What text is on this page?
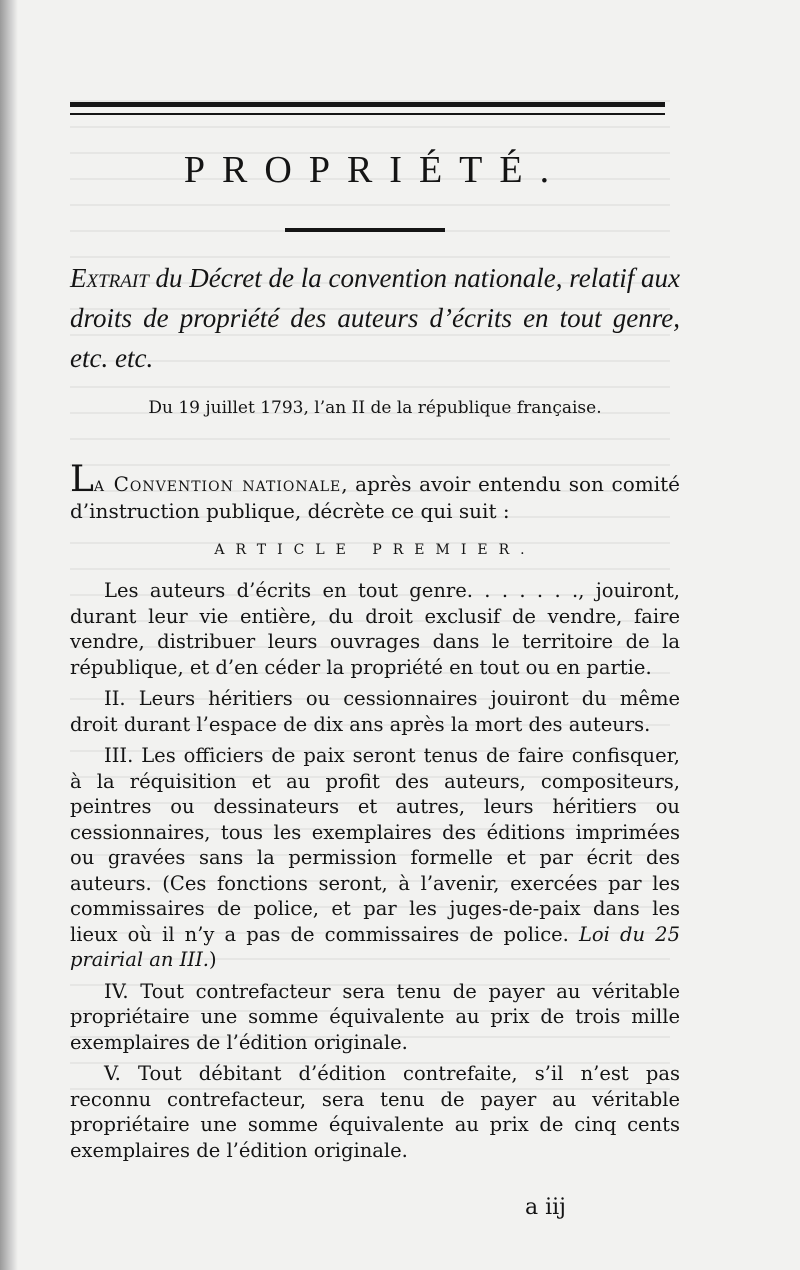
PROPRIÉTÉ.

Extrait du Décret de la convention nationale, relatif aux droits de propriété des auteurs d’écrits en tout genre, etc. etc.

Du 19 juillet 1793, l’an II de la république française.

La Convention nationale, après avoir entendu son comité d’instruction publique, décrète ce qui suit :

ARTICLE PREMIER.

Les auteurs d’écrits en tout genre. . . . . . ., jouiront, durant leur vie entière, du droit exclusif de vendre, faire vendre, distribuer leurs ouvrages dans le territoire de la république, et d’en céder la propriété en tout ou en partie.

II. Leurs héritiers ou cessionnaires jouiront du même droit durant l’espace de dix ans après la mort des auteurs.

III. Les officiers de paix seront tenus de faire confisquer, à la réquisition et au profit des auteurs, compositeurs, peintres ou dessinateurs et autres, leurs héritiers ou cessionnaires, tous les exemplaires des éditions imprimées ou gravées sans la permission formelle et par écrit des auteurs. (Ces fonctions seront, à l’avenir, exercées par les commissaires de police, et par les juges-de-paix dans les lieux où il n’y a pas de commissaires de police. Loi du 25 prairial an III.)

IV. Tout contrefacteur sera tenu de payer au véritable propriétaire une somme équivalente au prix de trois mille exemplaires de l’édition originale.

V. Tout débitant d’édition contrefaite, s’il n’est pas reconnu contrefacteur, sera tenu de payer au véritable propriétaire une somme équivalente au prix de cinq cents exemplaires de l’édition originale.

a iij
